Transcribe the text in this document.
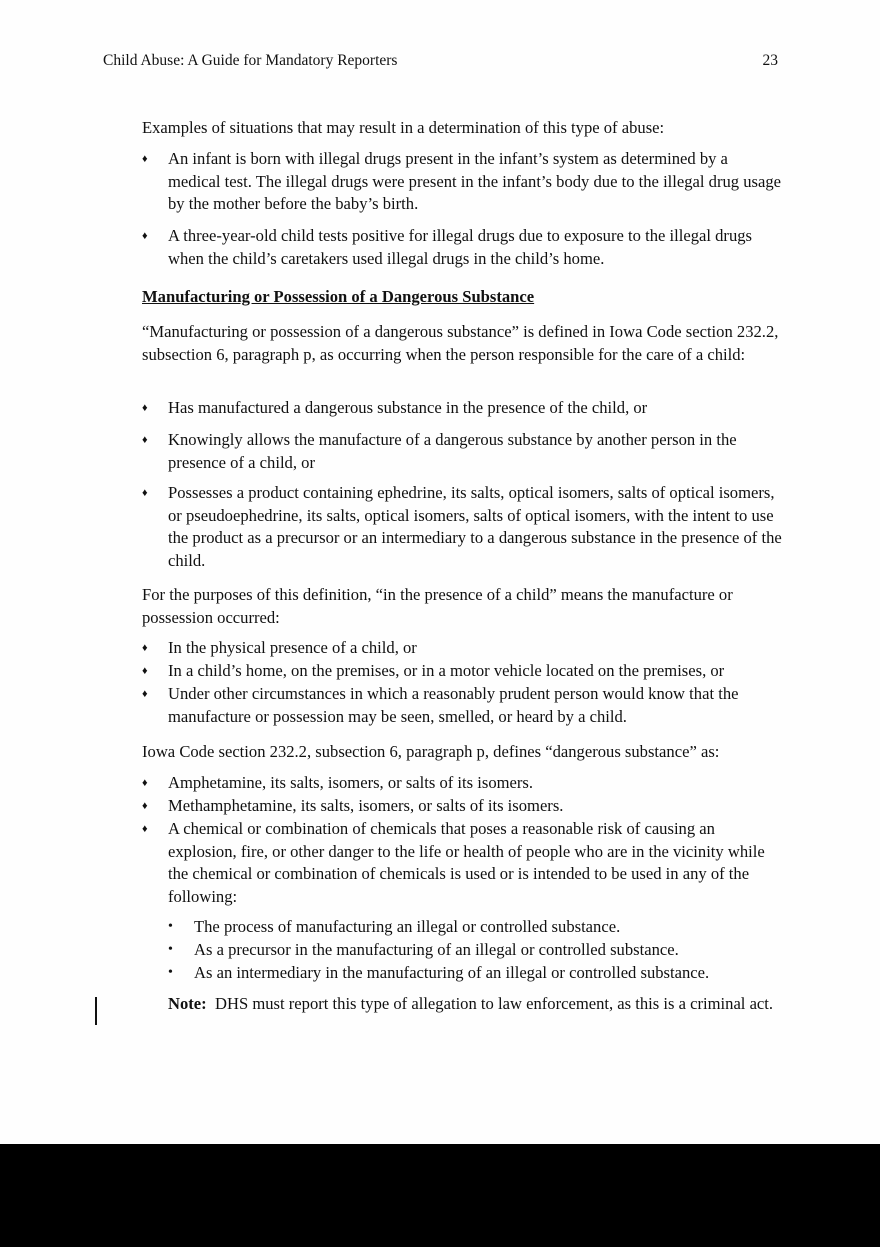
Child Abuse: A Guide for Mandatory Reporters	23
Examples of situations that may result in a determination of this type of abuse:
♦	An infant is born with illegal drugs present in the infant’s system as determined by a medical test. The illegal drugs were present in the infant’s body due to the illegal drug usage by the mother before the baby’s birth.
♦	A three-year-old child tests positive for illegal drugs due to exposure to the illegal drugs when the child’s caretakers used illegal drugs in the child’s home.
Manufacturing or Possession of a Dangerous Substance
“Manufacturing or possession of a dangerous substance” is defined in Iowa Code section 232.2, subsection 6, paragraph p, as occurring when the person responsible for the care of a child:
♦	Has manufactured a dangerous substance in the presence of the child, or
♦	Knowingly allows the manufacture of a dangerous substance by another person in the presence of a child, or
♦	Possesses a product containing ephedrine, its salts, optical isomers, salts of optical isomers, or pseudoephedrine, its salts, optical isomers, salts of optical isomers, with the intent to use the product as a precursor or an intermediary to a dangerous substance in the presence of the child.
For the purposes of this definition, “in the presence of a child” means the manufacture or possession occurred:
♦	In the physical presence of a child, or
♦	In a child’s home, on the premises, or in a motor vehicle located on the premises, or
♦	Under other circumstances in which a reasonably prudent person would know that the manufacture or possession may be seen, smelled, or heard by a child.
Iowa Code section 232.2, subsection 6, paragraph p, defines “dangerous substance” as:
♦	Amphetamine, its salts, isomers, or salts of its isomers.
♦	Methamphetamine, its salts, isomers, or salts of its isomers.
♦	A chemical or combination of chemicals that poses a reasonable risk of causing an explosion, fire, or other danger to the life or health of people who are in the vicinity while the chemical or combination of chemicals is used or is intended to be used in any of the following:
•	The process of manufacturing an illegal or controlled substance.
•	As a precursor in the manufacturing of an illegal or controlled substance.
•	As an intermediary in the manufacturing of an illegal or controlled substance.
Note:  DHS must report this type of allegation to law enforcement, as this is a criminal act.
